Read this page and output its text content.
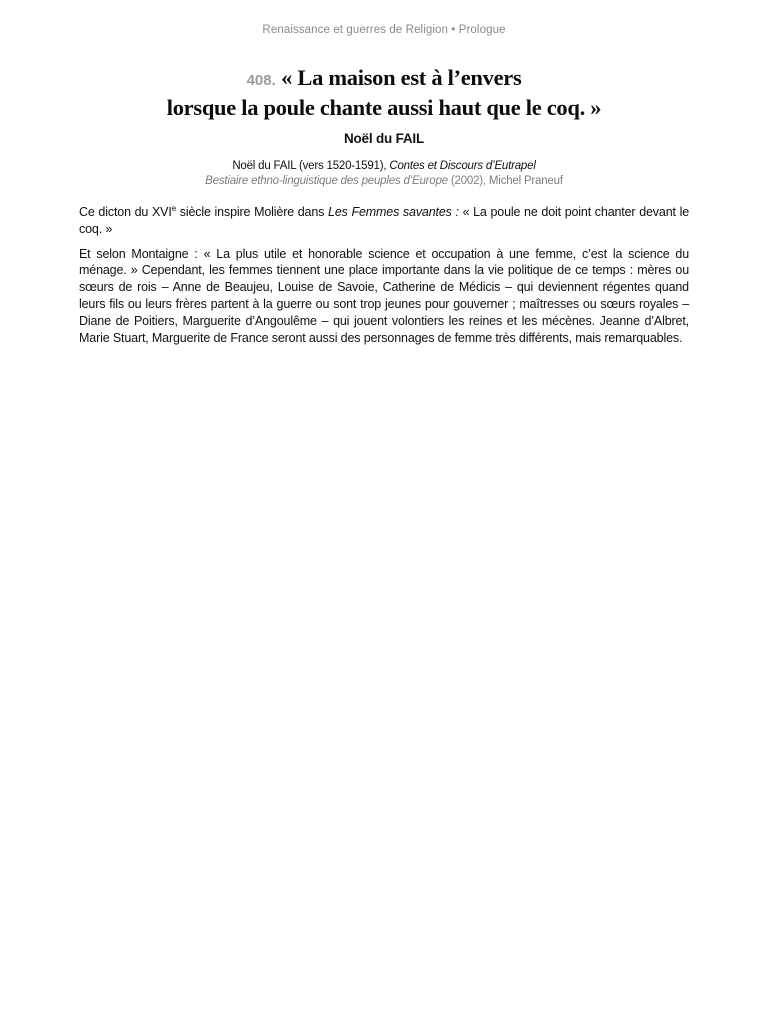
Renaissance et guerres de Religion • Prologue
408. « La maison est à l’envers
lorsque la poule chante aussi haut que le coq. »
Noël du FAIL
Noël du FAIL (vers 1520-1591), Contes et Discours d’Eutrapel
Bestiaire ethno-linguistique des peuples d’Europe (2002), Michel Praneuf

Ce dicton du XVIe siècle inspire Molière dans Les Femmes savantes : « La poule ne doit point chanter devant le coq. »

Et selon Montaigne : « La plus utile et honorable science et occupation à une femme, c’est la science du ménage. » Cependant, les femmes tiennent une place importante dans la vie politique de ce temps : mères ou sœurs de rois – Anne de Beaujeu, Louise de Savoie, Catherine de Médicis – qui deviennent régentes quand leurs fils ou leurs frères partent à la guerre ou sont trop jeunes pour gouverner ; maîtresses ou sœurs royales – Diane de Poitiers, Marguerite d’Angoulême – qui jouent volontiers les reines et les mécènes. Jeanne d’Albret, Marie Stuart, Marguerite de France seront aussi des personnages de femme très différents, mais remarquables.
